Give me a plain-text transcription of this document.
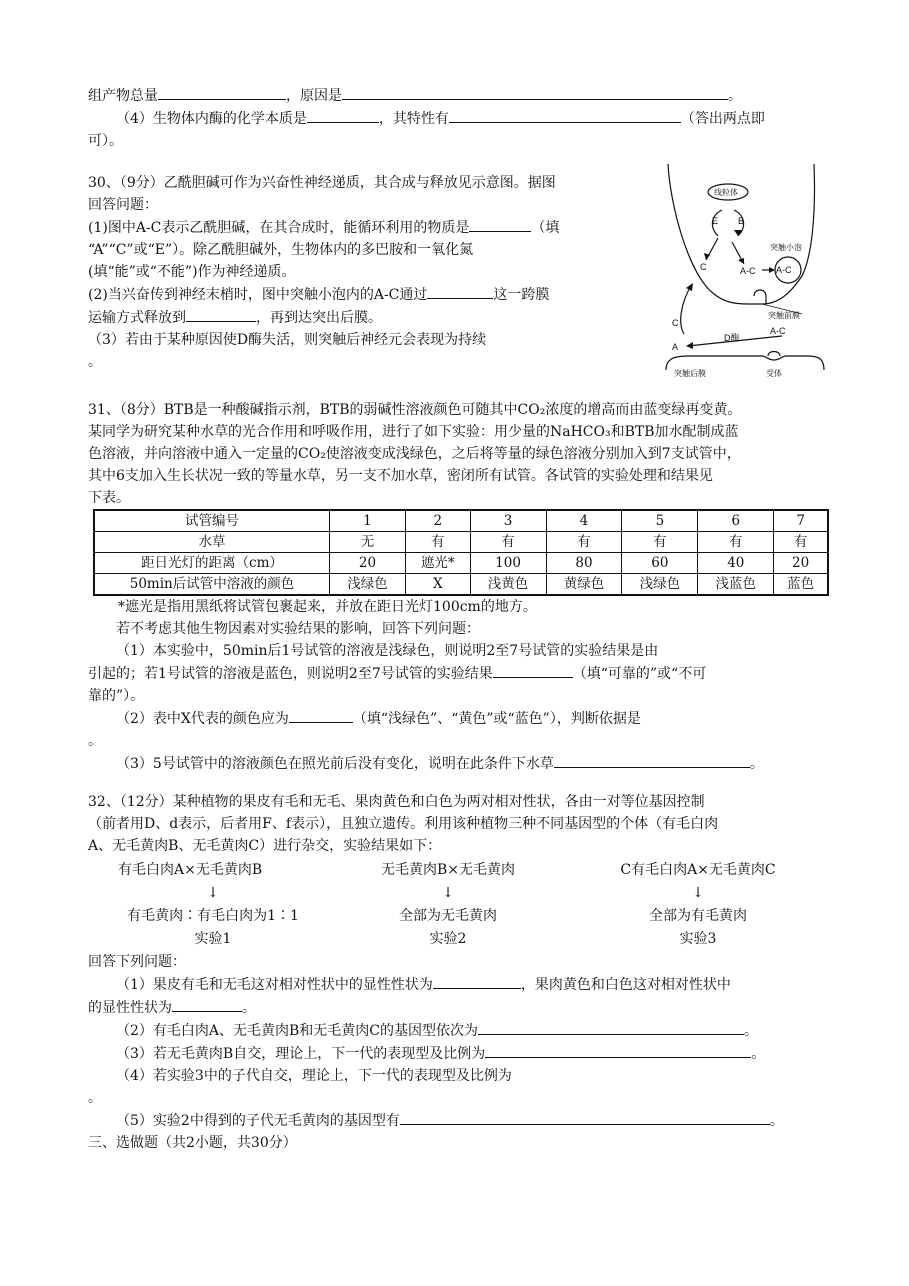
组产物总量	，原因是	。
（4）生物体内酶的化学本质是	，其特性有	（答出两点即
可）。
30、（9分）乙酰胆碱可作为兴奋性神经递质，其合成与释放见示意图。据图
回答问题：
(1)图中A-C表示乙酰胆碱，在其合成时，能循环利用的物质是	（填
“A”“C”或“E”）。除乙酰胆碱外，生物体内的多巴胺和一氧化氮
(填“能”或“不能”)作为神经递质。
(2)当兴奋传到神经末梢时，图中突触小泡内的A-C通过	这一跨膜
运输方式释放到	，再到达突出后膜。
（3）若由于某种原因使D酶失活，则突触后神经元会表现为持续
。
线粒体
E B
C	A-C A-C
突触小泡
突触前膜
C
D酶
A
A-C
突触后膜	受体
31、（8分）BTB是一种酸碱指示剂，BTB的弱碱性溶液颜色可随其中CO₂浓度的增高而由蓝变绿再变黄。
某同学为研究某种水草的光合作用和呼吸作用，进行了如下实验：用少量的NaHCO₃和BTB加水配制成蓝
色溶液，并向溶液中通入一定量的CO₂使溶液变成浅绿色，之后将等量的绿色溶液分别加入到7支试管中，
其中6支加入生长状况一致的等量水草，另一支不加水草，密闭所有试管。各试管的实验处理和结果见
下表。
试管编号	1	2	3	4	5	6	7
水草	无	有	有	有	有	有	有
距日光灯的距离（cm）	20	遮光*	100	80	60	40	20
50min后试管中溶液的颜色	浅绿色	X	浅黄色	黄绿色	浅绿色	浅蓝色	蓝色
*遮光是指用黑纸将试管包裹起来，并放在距日光灯100cm的地方。
若不考虑其他生物因素对实验结果的影响，回答下列问题：
（1）本实验中，50min后1号试管的溶液是浅绿色，则说明2至7号试管的实验结果是由
引起的；若1号试管的溶液是蓝色，则说明2至7号试管的实验结果	（填“可靠的”或“不可
靠的”）。
（2）表中X代表的颜色应为	（填“浅绿色”、“黄色”或“蓝色”），判断依据是
。
（3）5号试管中的溶液颜色在照光前后没有变化，说明在此条件下水草	。
32、（12分）某种植物的果皮有毛和无毛、果肉黄色和白色为两对相对性状，各由一对等位基因控制
（前者用D、d表示，后者用F、f表示），且独立遗传。利用该种植物三种不同基因型的个体（有毛白肉
A、无毛黄肉B、无毛黄肉C）进行杂交，实验结果如下：
有毛白肉A×无毛黄肉B
↓
有毛黄肉∶有毛白肉为1∶1
实验1
无毛黄肉B×无毛黄肉
↓
全部为无毛黄肉
实验2
C有毛白肉A×无毛黄肉C
↓
全部为有毛黄肉
实验3
回答下列问题：
（1）果皮有毛和无毛这对相对性状中的显性性状为	，果肉黄色和白色这对相对性状中
的显性性状为	。
（2）有毛白肉A、无毛黄肉B和无毛黄肉C的基因型依次为	。
（3）若无毛黄肉B自交，理论上，下一代的表现型及比例为	。
（4）若实验3中的子代自交，理论上，下一代的表现型及比例为
。
（5）实验2中得到的子代无毛黄肉的基因型有	。
三、选做题（共2小题，共30分）
